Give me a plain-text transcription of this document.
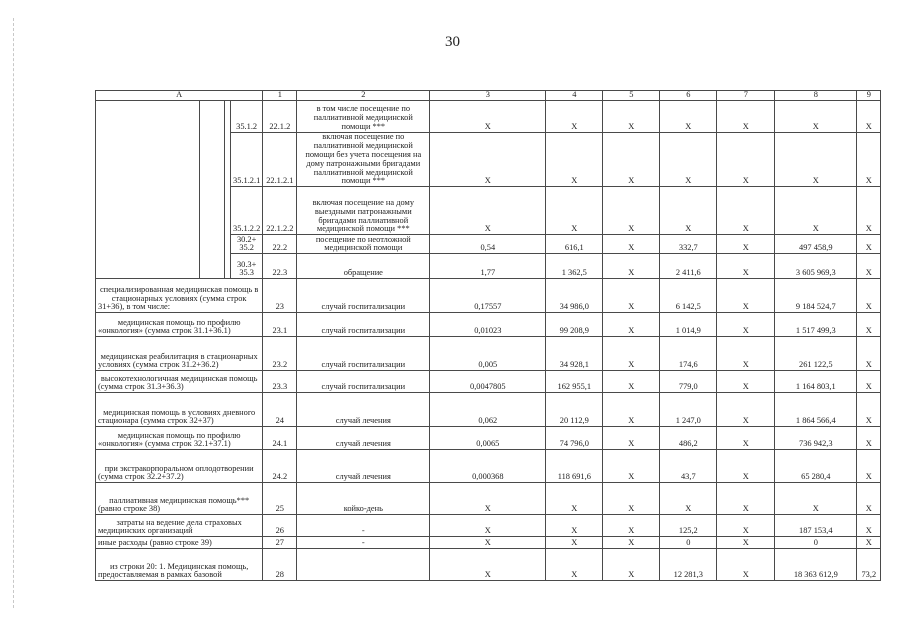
30
А				1	2	3	4	5	6	7	8	9
			35.1.2	22.1.2	в том числе посещение по паллиативной медицинской помощи ***	Х	Х	Х	Х	Х	Х	Х
			35.1.2.1	22.1.2.1	включая посещение по паллиативной медицинской помощи без учета посещения на дому патронажными бригадами паллиативной медицинской помощи ***	Х	Х	Х	Х	Х	Х	Х
			35.1.2.2	22.1.2.2	включая посещение на дому выездными патронажными бригадами паллиативной медицинской помощи ***	Х	Х	Х	Х	Х	Х	Х
			30.2+ 35.2	22.2	посещение по неотложной медицинской помощи	0,54	616,1	Х	332,7	Х	497 458,9	Х
			30.3+ 35.3	22.3	обращение	1,77	1 362,5	Х	2 411,6	Х	3 605 969,3	Х
специализированная медицинская помощь в стационарных условиях (сумма строк 31+36), в том числе:				23	случай госпитализации	0,17557	34 986,0	Х	6 142,5	Х	9 184 524,7	Х
медицинская помощь по профилю «онкология» (сумма строк 31.1+36.1)				23.1	случай госпитализации	0,01023	99 208,9	Х	1 014,9	Х	1 517 499,3	Х
медицинская реабилитация в стационарных условиях (сумма строк 31.2+36.2)				23.2	случай госпитализации	0,005	34 928,1	Х	174,6	Х	261 122,5	Х
высокотехнологичная медицинская помощь (сумма строк 31.3+36.3)				23.3	случай госпитализации	0,0047805	162 955,1	Х	779,0	Х	1 164 803,1	Х
медицинская помощь в условиях дневного стационара (сумма строк 32+37)				24	случай лечения	0,062	20 112,9	Х	1 247,0	Х	1 864 566,4	Х
медицинская помощь по профилю «онкология» (сумма строк 32.1+37.1)				24.1	случай лечения	0,0065	74 796,0	Х	486,2	Х	736 942,3	Х
при экстракорпоральном оплодотворении (сумма строк 32.2+37.2)				24.2	случай лечения	0,000368	118 691,6	Х	43,7	Х	65 280,4	Х
паллиативная медицинская помощь*** (равно строке 38)				25	койко-день	Х	Х	Х	Х	Х	Х	Х
затраты на ведение дела страховых медицинских организаций				26	-	Х	Х	Х	125,2	Х	187 153,4	Х
иные расходы (равно строке 39)				27	-	Х	Х	Х	0	Х	0	Х
из строки 20: 1. Медицинская помощь, предоставляемая в рамках базовой				28		Х	Х	Х	12 281,3	Х	18 363 612,9	73,2
